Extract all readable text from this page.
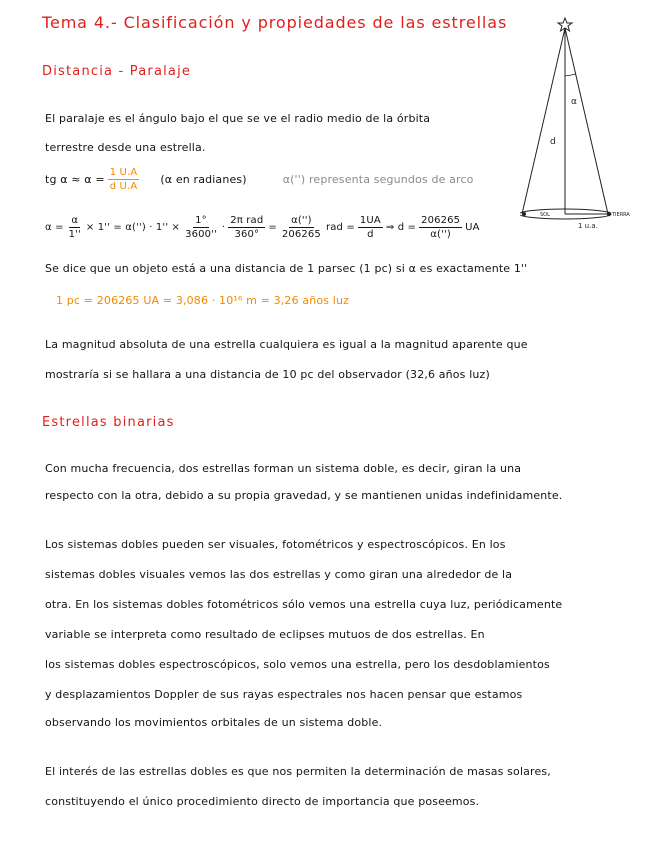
Tema 4.- Clasificación y propiedades de las estrellas
Distancia - Paralaje
α
d
SOL	TIERRA
1 u.a.
El paralaje es el ángulo bajo el que se ve el radio medio de la órbita
terrestre desde una estrella.
tg $\alpha \approx \alpha = \frac{1 U.A}{\text{d U.A}} (\alpha$ en radianes)	α('') representa segundos de arco
$\alpha = \frac{\alpha}{1''} \times 1'' = \alpha('') \cdot 1'' \times \frac{1^\circ}{3600''} \cdot \frac{\text{2π rad}}{360^\circ} = \frac{\alpha('')}{206265}$ rad = $\frac{1UA}{d}$ ⇒ $d = \frac{206265}{\alpha('')}$ UA
Se dice que un objeto está a una distancia de 1 parsec (1 pc) si α es exactamente 1''
1 pc = 206265 UA = 3,086 · 10¹⁶ m = 3,26 años luz
La magnitud absoluta de una estrella cualquiera es igual a la magnitud aparente que
mostraría si se hallara a una distancia de 10 pc del observador (32,6 años luz)
Estrellas binarias
Con mucha frecuencia, dos estrellas forman un sistema doble, es decir, giran la una
respecto con la otra, debido a su propia gravedad, y se mantienen unidas indefinidamente.
Los sistemas dobles pueden ser visuales, fotométricos y espectroscópicos. En los
sistemas dobles visuales vemos las dos estrellas y como giran una alrededor de la
otra. En los sistemas dobles fotométricos sólo vemos una estrella cuya luz, periódicamente
variable se interpreta como resultado de eclipses mutuos de dos estrellas. En
los sistemas dobles espectroscópicos, solo vemos una estrella, pero los desdoblamientos
y desplazamientos Doppler de sus rayas espectrales nos hacen pensar que estamos
observando los movimientos orbitales de un sistema doble.
El interés de las estrellas dobles es que nos permiten la determinación de masas solares,
constituyendo el único procedimiento directo de importancia que poseemos.
